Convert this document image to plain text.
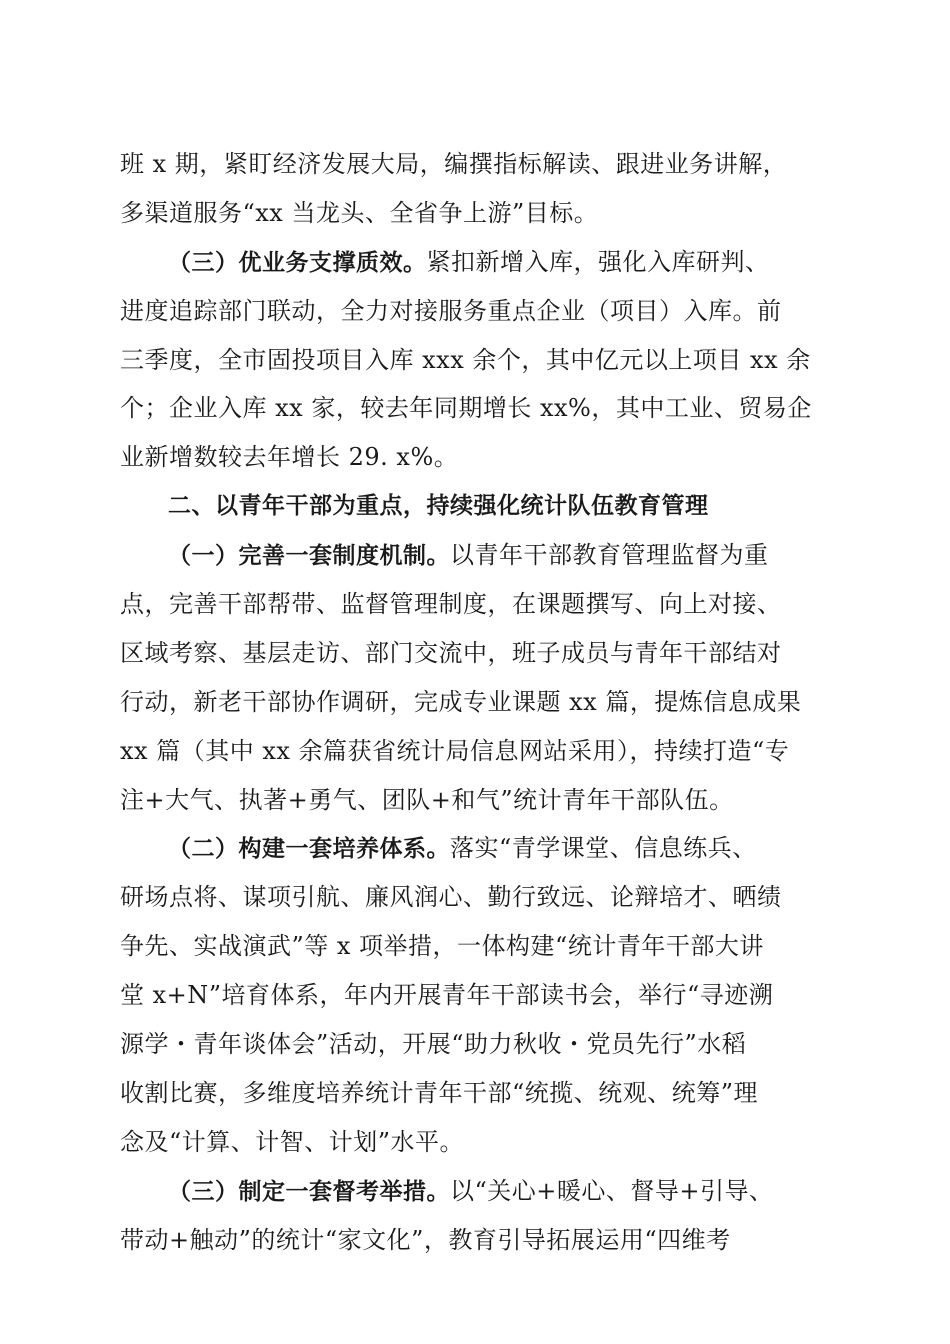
班 x 期，紧盯经济发展大局，编撰指标解读、跟进业务讲解，
多渠道服务“xx 当龙头、全省争上游”目标。
（三）优业务支撑质效。紧扣新增入库，强化入库研判、
进度追踪部门联动，全力对接服务重点企业（项目）入库。前
三季度，全市固投项目入库 xxx 余个，其中亿元以上项目 xx 余
个；企业入库 xx 家，较去年同期增长 xx%，其中工业、贸易企
业新增数较去年增长 29. x%。
二、以青年干部为重点，持续强化统计队伍教育管理
（一）完善一套制度机制。以青年干部教育管理监督为重
点，完善干部帮带、监督管理制度，在课题撰写、向上对接、
区域考察、基层走访、部门交流中，班子成员与青年干部结对
行动，新老干部协作调研，完成专业课题 xx 篇，提炼信息成果
xx 篇（其中 xx 余篇获省统计局信息网站采用），持续打造“专
注+大气、执著+勇气、团队+和气”统计青年干部队伍。
（二）构建一套培养体系。落实“青学课堂、信息练兵、
研场点将、谋项引航、廉风润心、勤行致远、论辩培才、晒绩
争先、实战演武”等 x 项举措，一体构建“统计青年干部大讲
堂 x+N”培育体系，年内开展青年干部读书会，举行“寻迹溯
源学・青年谈体会”活动，开展“助力秋收・党员先行”水稻
收割比赛，多维度培养统计青年干部“统揽、统观、统筹”理
念及“计算、计智、计划”水平。
（三）制定一套督考举措。以“关心+暖心、督导+引导、
带动+触动”的统计“家文化”，教育引导拓展运用“四维考
